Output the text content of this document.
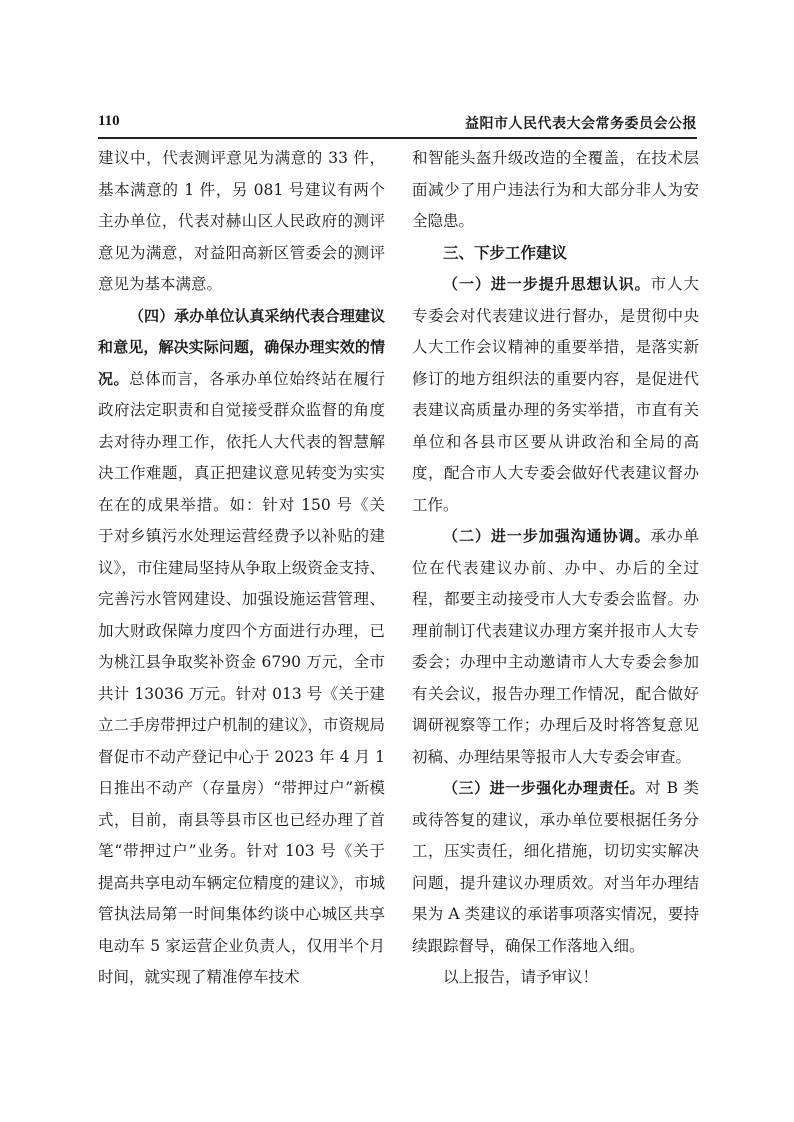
110	益阳市人民代表大会常务委员会公报

建议中，代表测评意见为满意的 33 件，基本满意的 1 件，另 081 号建议有两个主办单位，代表对赫山区人民政府的测评意见为满意，对益阳高新区管委会的测评意见为基本满意。

（四）承办单位认真采纳代表合理建议和意见，解决实际问题，确保办理实效的情况。总体而言，各承办单位始终站在履行政府法定职责和自觉接受群众监督的角度去对待办理工作，依托人大代表的智慧解决工作难题，真正把建议意见转变为实实在在的成果举措。如：针对 150 号《关于对乡镇污水处理运营经费予以补贴的建议》，市住建局坚持从争取上级资金支持、完善污水管网建设、加强设施运营管理、加大财政保障力度四个方面进行办理，已为桃江县争取奖补资金 6790 万元，全市共计 13036 万元。针对 013 号《关于建立二手房带押过户机制的建议》，市资规局督促市不动产登记中心于 2023 年 4 月 1 日推出不动产（存量房）“带押过户”新模式，目前，南县等县市区也已经办理了首笔“带押过户”业务。针对 103 号《关于提高共享电动车辆定位精度的建议》，市城管执法局第一时间集体约谈中心城区共享电动车 5 家运营企业负责人，仅用半个月时间，就实现了精准停车技术

和智能头盔升级改造的全覆盖，在技术层面减少了用户违法行为和大部分非人为安全隐患。

三、下步工作建议

（一）进一步提升思想认识。市人大专委会对代表建议进行督办，是贯彻中央人大工作会议精神的重要举措，是落实新修订的地方组织法的重要内容，是促进代表建议高质量办理的务实举措，市直有关单位和各县市区要从讲政治和全局的高度，配合市人大专委会做好代表建议督办工作。

（二）进一步加强沟通协调。承办单位在代表建议办前、办中、办后的全过程，都要主动接受市人大专委会监督。办理前制订代表建议办理方案并报市人大专委会；办理中主动邀请市人大专委会参加有关会议，报告办理工作情况，配合做好调研视察等工作；办理后及时将答复意见初稿、办理结果等报市人大专委会审查。

（三）进一步强化办理责任。对 B 类或待答复的建议，承办单位要根据任务分工，压实责任，细化措施，切切实实解决问题，提升建议办理质效。对当年办理结果为 A 类建议的承诺事项落实情况，要持续跟踪督导，确保工作落地入细。

以上报告，请予审议！
